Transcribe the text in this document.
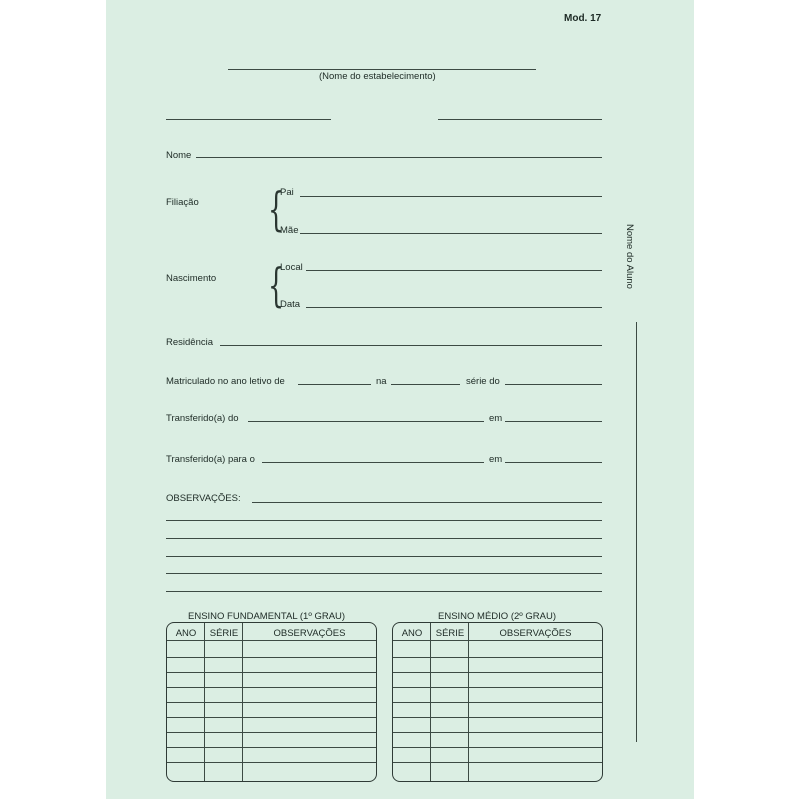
Mod. 17
(Nome do estabelecimento)
Nome
Filiação {
Pai
Mãe
Nascimento {
Local
Data
Residência
Matriculado no ano letivo de	na	série do
Transferido(a) do	em
Transferido(a) para o	em
OBSERVAÇÕES:
Nome do Aluno
ENSINO FUNDAMENTAL (1º GRAU)
ANO	SÉRIE	OBSERVAÇÕES
ENSINO MÉDIO (2º GRAU)
ANO	SÉRIE	OBSERVAÇÕES
